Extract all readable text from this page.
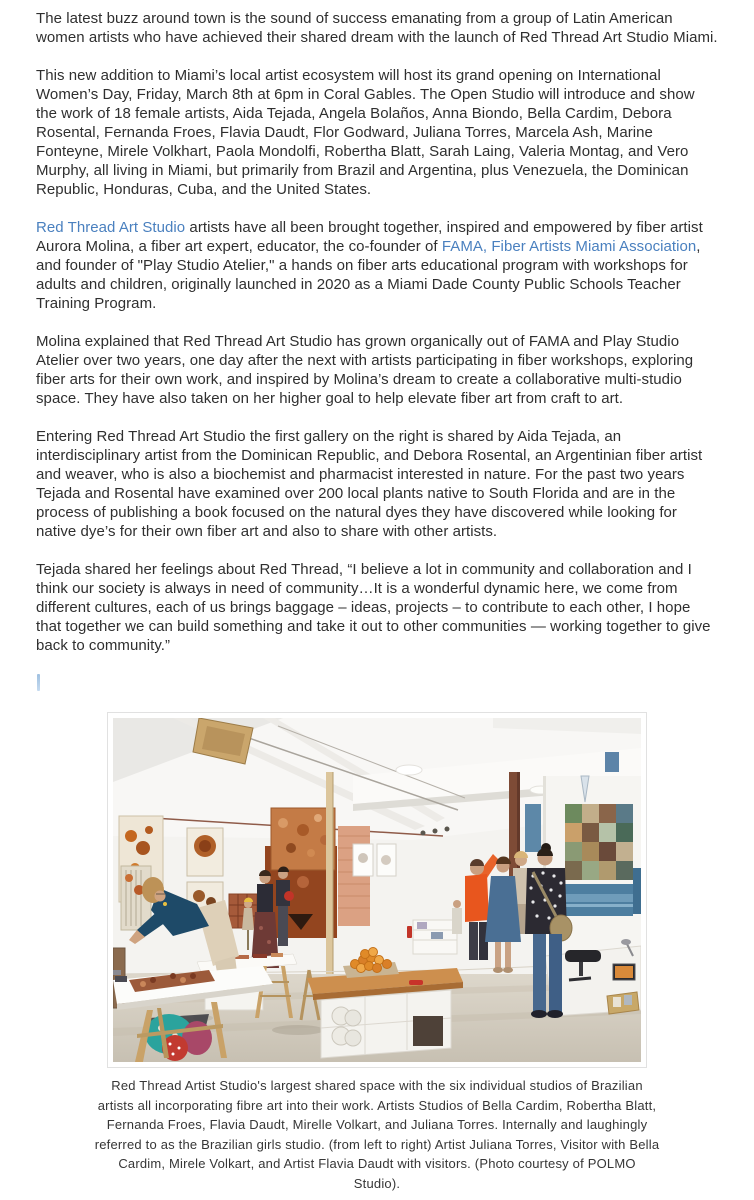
The latest buzz around town is the sound of success emanating from a group of Latin American women artists who have achieved their shared dream with the launch of Red Thread Art Studio Miami.

This new addition to Miami’s local artist ecosystem will host its grand opening on International Women’s Day, Friday, March 8th at 6pm in Coral Gables. The Open Studio will introduce and show the work of 18 female artists, Aida Tejada, Angela Bolaños, Anna Biondo, Bella Cardim, Debora Rosental, Fernanda Froes, Flavia Daudt, Flor Godward, Juliana Torres, Marcela Ash, Marine Fonteyne, Mirele Volkhart, Paola Mondolfi, Robertha Blatt, Sarah Laing, Valeria Montag, and Vero Murphy, all living in Miami, but primarily from Brazil and Argentina, plus Venezuela, the Dominican Republic, Honduras, Cuba, and the United States.

Red Thread Art Studio artists have all been brought together, inspired and empowered by fiber artist Aurora Molina, a fiber art expert, educator, the co-founder of FAMA, Fiber Artists Miami Association, and founder of "Play Studio Atelier," a hands on fiber arts educational program with workshops for adults and children, originally launched in 2020 as a Miami Dade County Public Schools Teacher Training Program.

Molina explained that Red Thread Art Studio has grown organically out of FAMA and Play Studio Atelier over two years, one day after the next with artists participating in fiber workshops, exploring fiber arts for their own work, and inspired by Molina’s dream to create a collaborative multi-studio space. They have also taken on her higher goal to help elevate fiber art from craft to art.

Entering Red Thread Art Studio the first gallery on the right is shared by Aida Tejada, an interdisciplinary artist from the Dominican Republic, and Debora Rosental, an Argentinian fiber artist and weaver, who is also a biochemist and pharmacist interested in nature. For the past two years Tejada and Rosental have examined over 200 local plants native to South Florida and are in the process of publishing a book focused on the natural dyes they have discovered while looking for native dye’s for their own fiber art and also to share with other artists.

Tejada shared her feelings about Red Thread, “I believe a lot in community and collaboration and I think our society is always in need of community…It is a wonderful dynamic here, we come from different cultures, each of us brings baggage – ideas, projects – to contribute to each other, I hope that together we can build something and take it out to other communities — working together to give back to community.”

Red Thread Artist Studio's largest shared space with the six individual studios of Brazilian artists all incorporating fibre art into their work. Artists Studios of Bella Cardim, Robertha Blatt, Fernanda Froes, Flavia Daudt, Mirelle Volkart, and Juliana Torres. Internally and laughingly referred to as the Brazilian girls studio. (from left to right) Artist Juliana Torres, Visitor with Bella Cardim, Mirele Volkart, and Artist Flavia Daudt with visitors. (Photo courtesy of POLMO Studio).
